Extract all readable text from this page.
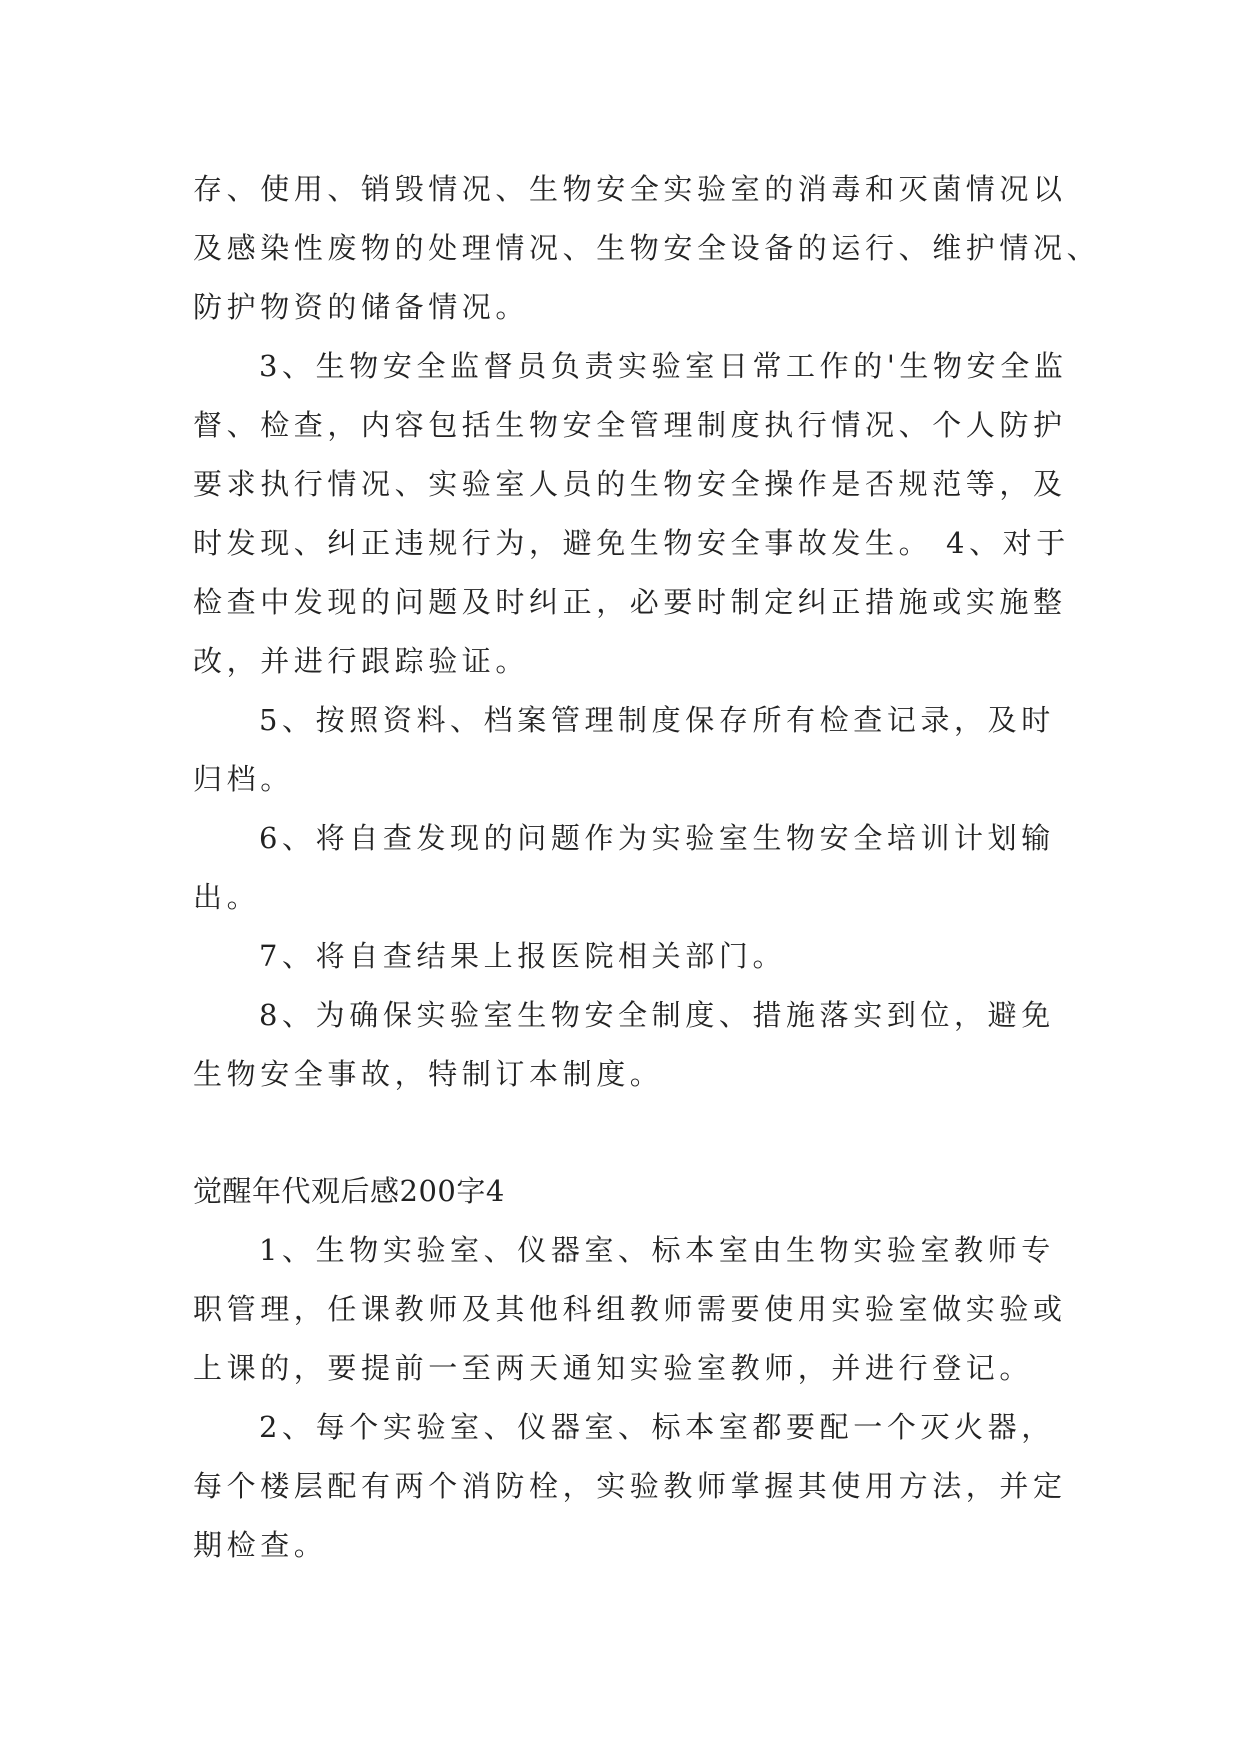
存、使用、销毁情况、生物安全实验室的消毒和灭菌情况以
及感染性废物的处理情况、生物安全设备的运行、维护情况、
防护物资的储备情况。
3、生物安全监督员负责实验室日常工作的'生物安全监
督、检查，内容包括生物安全管理制度执行情况、个人防护
要求执行情况、实验室人员的生物安全操作是否规范等，及
时发现、纠正违规行为，避免生物安全事故发生。 4、对于
检查中发现的问题及时纠正，必要时制定纠正措施或实施整
改，并进行跟踪验证。
5、按照资料、档案管理制度保存所有检查记录，及时
归档。
6、将自查发现的问题作为实验室生物安全培训计划输
出。
7、将自查结果上报医院相关部门。
8、为确保实验室生物安全制度、措施落实到位，避免
生物安全事故，特制订本制度。
觉醒年代观后感200字4
1、生物实验室、仪器室、标本室由生物实验室教师专
职管理，任课教师及其他科组教师需要使用实验室做实验或
上课的，要提前一至两天通知实验室教师，并进行登记。
2、每个实验室、仪器室、标本室都要配一个灭火器，
每个楼层配有两个消防栓，实验教师掌握其使用方法，并定
期检查。
